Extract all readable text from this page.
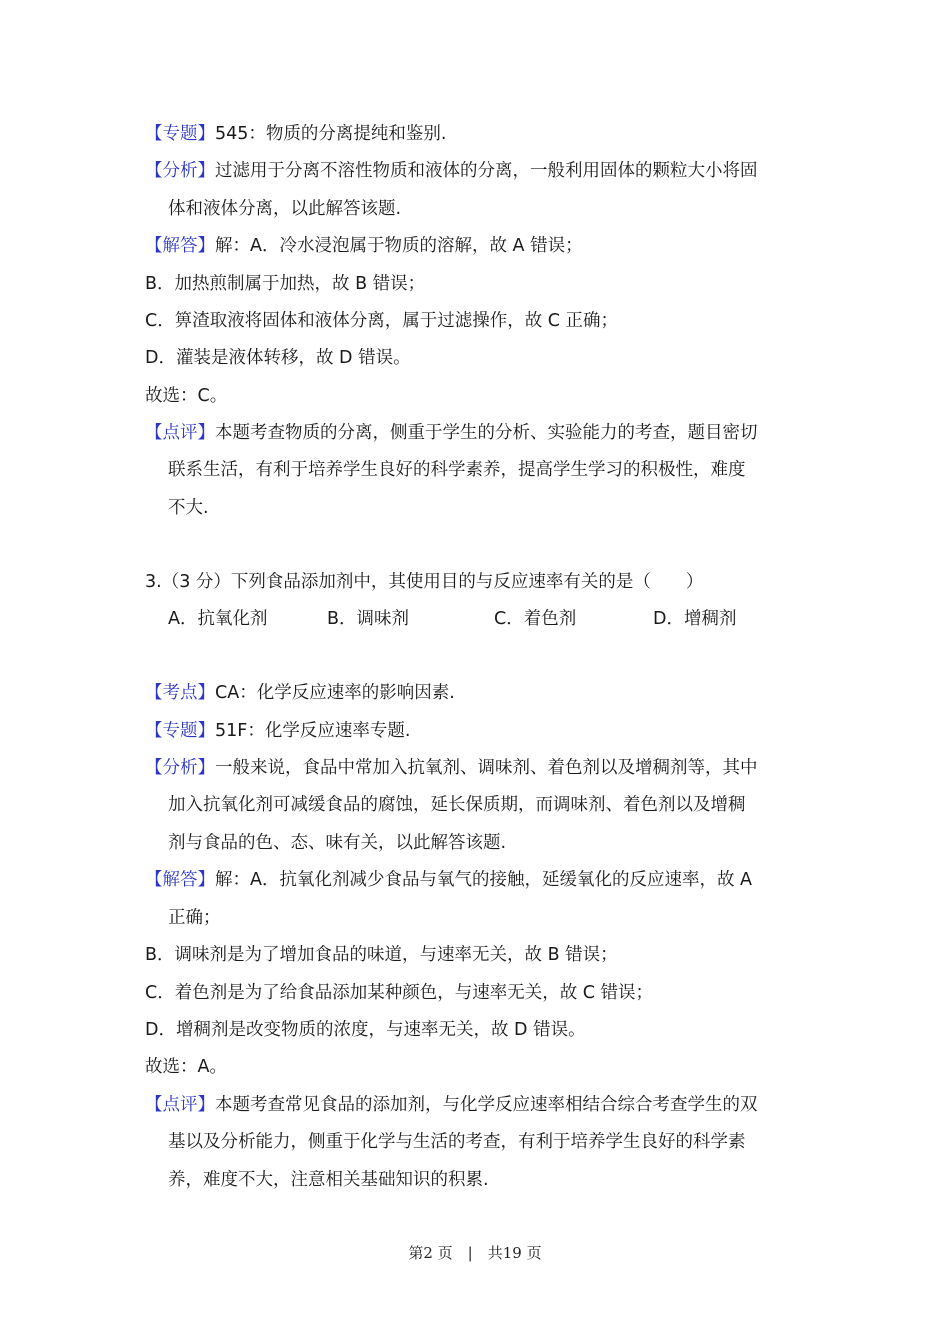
【专题】545：物质的分离提纯和鉴别.
【分析】过滤用于分离不溶性物质和液体的分离，一般利用固体的颗粒大小将固
体和液体分离，以此解答该题.
【解答】解：A．冷水浸泡属于物质的溶解，故 A 错误；
B．加热煎制属于加热，故 B 错误；
C．箅渣取液将固体和液体分离，属于过滤操作，故 C 正确；
D．灌装是液体转移，故 D 错误。
故选：C。
【点评】本题考查物质的分离，侧重于学生的分析、实验能力的考查，题目密切
联系生活，有利于培养学生良好的科学素养，提高学生学习的积极性，难度
不大.
3.（3 分）下列食品添加剂中，其使用目的与反应速率有关的是（　　）
A．抗氧化剂	B．调味剂	C．着色剂	D．增稠剂
【考点】CA：化学反应速率的影响因素.
【专题】51F：化学反应速率专题.
【分析】一般来说，食品中常加入抗氧剂、调味剂、着色剂以及增稠剂等，其中
加入抗氧化剂可减缓食品的腐蚀，延长保质期，而调味剂、着色剂以及增稠
剂与食品的色、态、味有关，以此解答该题.
【解答】解：A．抗氧化剂减少食品与氧气的接触，延缓氧化的反应速率，故 A
正确；
B．调味剂是为了增加食品的味道，与速率无关，故 B 错误；
C．着色剂是为了给食品添加某种颜色，与速率无关，故 C 错误；
D．增稠剂是改变物质的浓度，与速率无关，故 D 错误。
故选：A。
【点评】本题考查常见食品的添加剂，与化学反应速率相结合综合考查学生的双
基以及分析能力，侧重于化学与生活的考查，有利于培养学生良好的科学素
养，难度不大，注意相关基础知识的积累.
第2 页　|　共19 页
